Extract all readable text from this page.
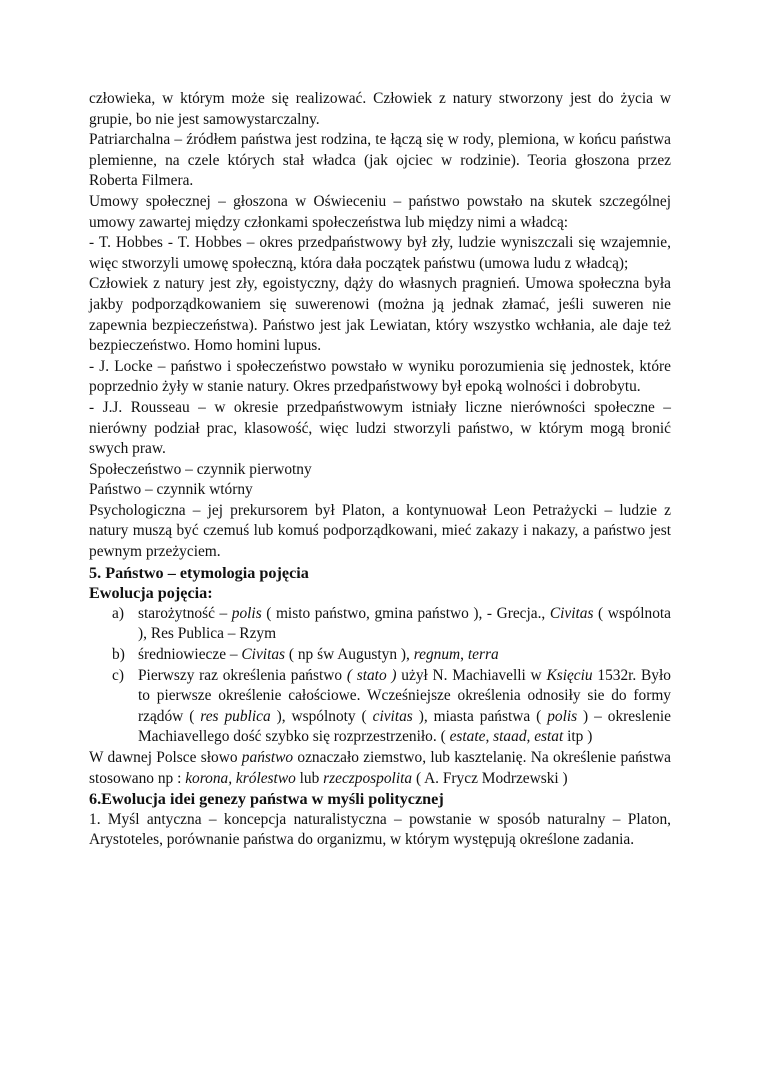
człowieka, w którym może się realizować. Człowiek z natury stworzony jest do życia w grupie, bo nie jest samowystarczalny.

Patriarchalna – źródłem państwa jest rodzina, te łączą się w rody, plemiona, w końcu państwa plemienne, na czele których stał władca (jak ojciec w rodzinie). Teoria głoszona przez Roberta Filmera.

Umowy społecznej – głoszona w Oświeceniu – państwo powstało na skutek szczególnej umowy zawartej między członkami społeczeństwa lub między nimi a władcą:

- T. Hobbes - T. Hobbes – okres przedpaństwowy był zły, ludzie wyniszczali się wzajemnie, więc stworzyli umowę społeczną, która dała początek państwu (umowa ludu z władcą);

Człowiek z natury jest zły, egoistyczny, dąży do własnych pragnień. Umowa społeczna była jakby podporządkowaniem się suwerenowi (można ją jednak złamać, jeśli suweren nie zapewnia bezpieczeństwa). Państwo jest jak Lewiatan, który wszystko wchłania, ale daje też bezpieczeństwo. Homo homini lupus.

- J. Locke – państwo i społeczeństwo powstało w wyniku porozumienia się jednostek, które poprzednio żyły w stanie natury. Okres przedpaństwowy był epoką wolności i dobrobytu.

- J.J. Rousseau – w okresie przedpaństwowym istniały liczne nierówności społeczne – nierówny podział prac, klasowość, więc ludzi stworzyli państwo, w którym mogą bronić swych praw.

Społeczeństwo – czynnik pierwotny

Państwo – czynnik wtórny

Psychologiczna – jej prekursorem był Platon, a kontynuował Leon Petrażycki – ludzie z natury muszą być czemuś lub komuś podporządkowani, mieć zakazy i nakazy, a państwo jest pewnym przeżyciem.

5. Państwo – etymologia pojęcia

Ewolucja pojęcia:

a) starożytność – polis ( misto państwo, gmina państwo ), - Grecja., Civitas ( wspólnota ), Res Publica – Rzym
b) średniowiecze – Civitas ( np św Augustyn ), regnum, terra
c) Pierwszy raz określenia państwo ( stato ) użył N. Machiavelli w Księciu 1532r. Było to pierwsze określenie całościowe. Wcześniejsze określenia odnosiły sie do formy rządów ( res publica ), wspólnoty ( civitas ), miasta państwa ( polis ) – okreslenie Machiavellego dość szybko się rozprzestrzeniło. ( estate, staad, estat itp )

W dawnej Polsce słowo państwo oznaczało ziemstwo, lub kasztelanię. Na określenie państwa stosowano np : korona, królestwo lub rzeczpospolita ( A. Frycz Modrzewski )

6.Ewolucja idei genezy państwa w myśli politycznej

1. Myśl antyczna – koncepcja naturalistyczna – powstanie w sposób naturalny – Platon, Arystoteles, porównanie państwa do organizmu, w którym występują określone zadania.
